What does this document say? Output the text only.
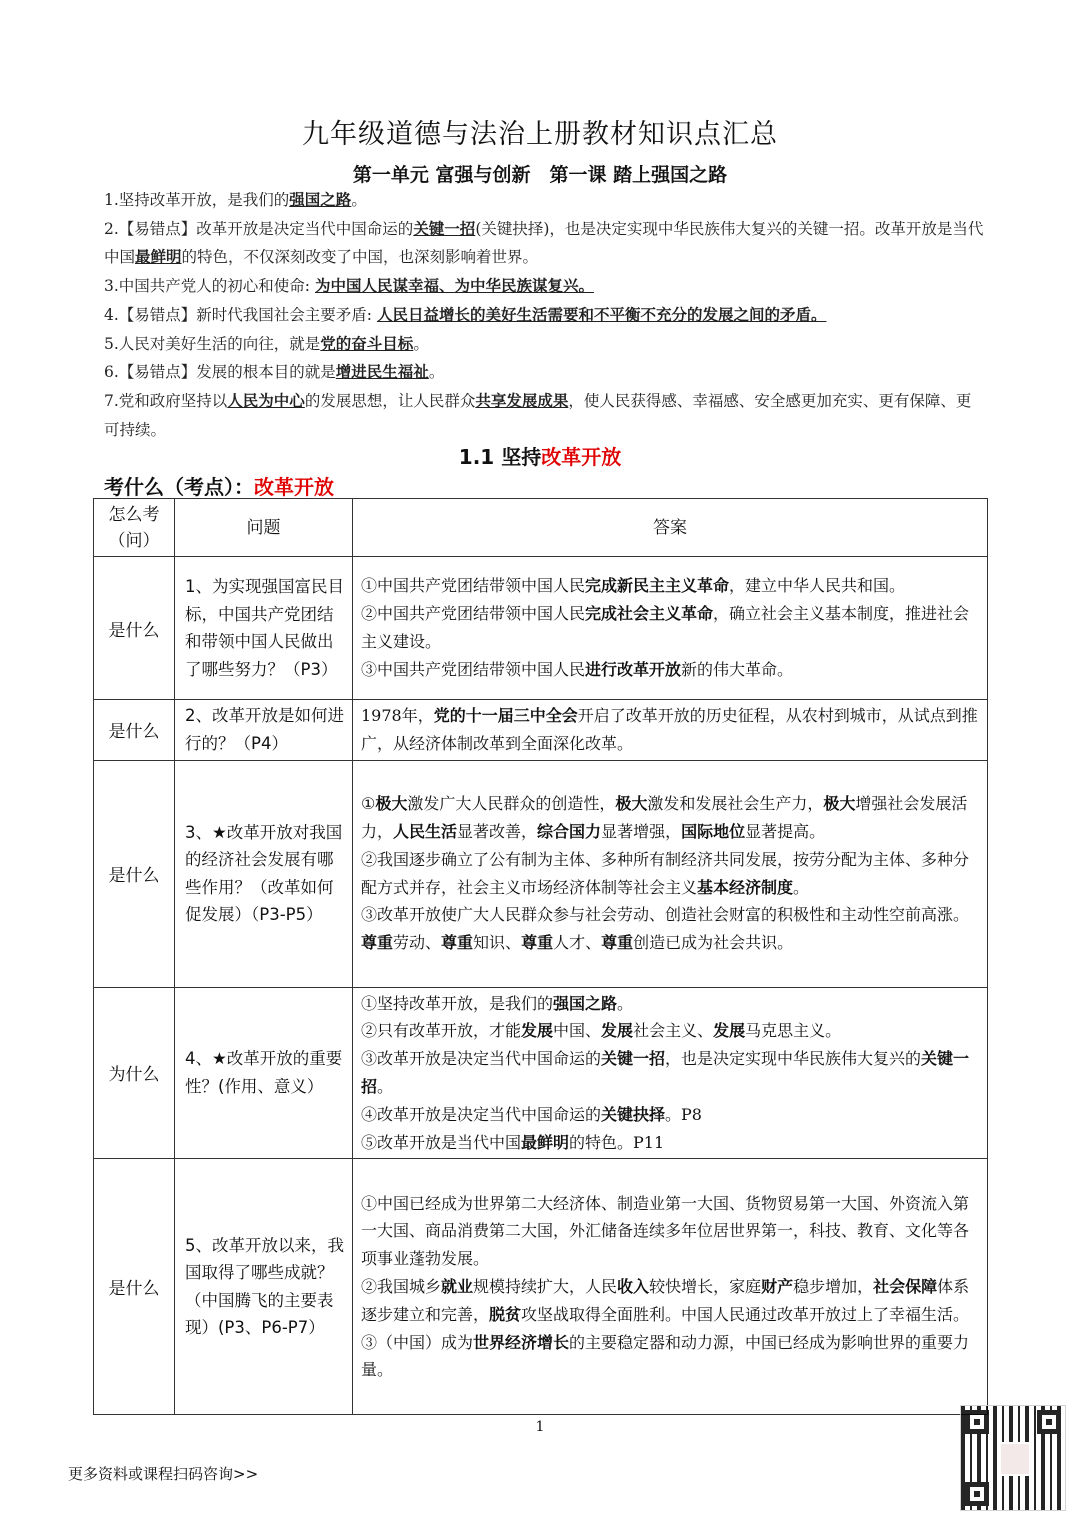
九年级道德与法治上册教材知识点汇总
第一单元 富强与创新　第一课 踏上强国之路

1.坚持改革开放，是我们的强国之路。

2.【易错点】改革开放是决定当代中国命运的关键一招(关键抉择)，也是决定实现中华民族伟大复兴的关键一招。改革开放是当代中国最鲜明的特色，不仅深刻改变了中国，也深刻影响着世界。

3.中国共产党人的初心和使命: 为中国人民谋幸福、为中华民族谋复兴。

4.【易错点】新时代我国社会主要矛盾: 人民日益增长的美好生活需要和不平衡不充分的发展之间的矛盾。

5.人民对美好生活的向往，就是党的奋斗目标。

6.【易错点】发展的根本目的就是增进民生福祉。

7.党和政府坚持以人民为中心的发展思想，让人民群众共享发展成果，使人民获得感、幸福感、安全感更加充实、更有保障、更可持续。

1.1 坚持改革开放
考什么（考点）：改革开放
怎么考（问）	问题	答案
是什么	1、为实现强国富民目标，中国共产党团结和带领中国人民做出了哪些努力？（P3）	①中国共产党团结带领中国人民完成新民主主义革命，建立中华人民共和国。

②中国共产党团结带领中国人民完成社会主义革命，确立社会主义基本制度，推进社会主义建设。

③中国共产党团结带领中国人民进行改革开放新的伟大革命。

是什么	2、改革开放是如何进行的？（P4）	1978年，党的十一届三中全会开启了改革开放的历史征程，从农村到城市，从试点到推广，从经济体制改革到全面深化改革。

是什么	3、★改革开放对我国的经济社会发展有哪些作用？（改革如何促发展）（P3-P5）	①极大激发广大人民群众的创造性，极大激发和发展社会生产力，极大增强社会发展活力，人民生活显著改善，综合国力显著增强，国际地位显著提高。

②我国逐步确立了公有制为主体、多种所有制经济共同发展，按劳分配为主体、多种分配方式并存，社会主义市场经济体制等社会主义基本经济制度。

③改革开放使广大人民群众参与社会劳动、创造社会财富的积极性和主动性空前高涨。尊重劳动、尊重知识、尊重人才、尊重创造已成为社会共识。

为什么	4、★改革开放的重要性？(作用、意义）	①坚持改革开放，是我们的强国之路。

②只有改革开放，才能发展中国、发展社会主义、发展马克思主义。

③改革开放是决定当代中国命运的关键一招，也是决定实现中华民族伟大复兴的关键一招。

④改革开放是决定当代中国命运的关键抉择。P8

⑤改革开放是当代中国最鲜明的特色。P11

是什么	5、改革开放以来，我国取得了哪些成就？（中国腾飞的主要表现）(P3、P6-P7）	①中国已经成为世界第二大经济体、制造业第一大国、货物贸易第一大国、外资流入第一大国、商品消费第二大国，外汇储备连续多年位居世界第一，科技、教育、文化等各项事业蓬勃发展。

②我国城乡就业规模持续扩大，人民收入较快增长，家庭财产稳步增加，社会保障体系逐步建立和完善，脱贫攻坚战取得全面胜利。中国人民通过改革开放过上了幸福生活。

③（中国）成为世界经济增长的主要稳定器和动力源，中国已经成为影响世界的重要力量。

1
更多资料或课程扫码咨询>>
